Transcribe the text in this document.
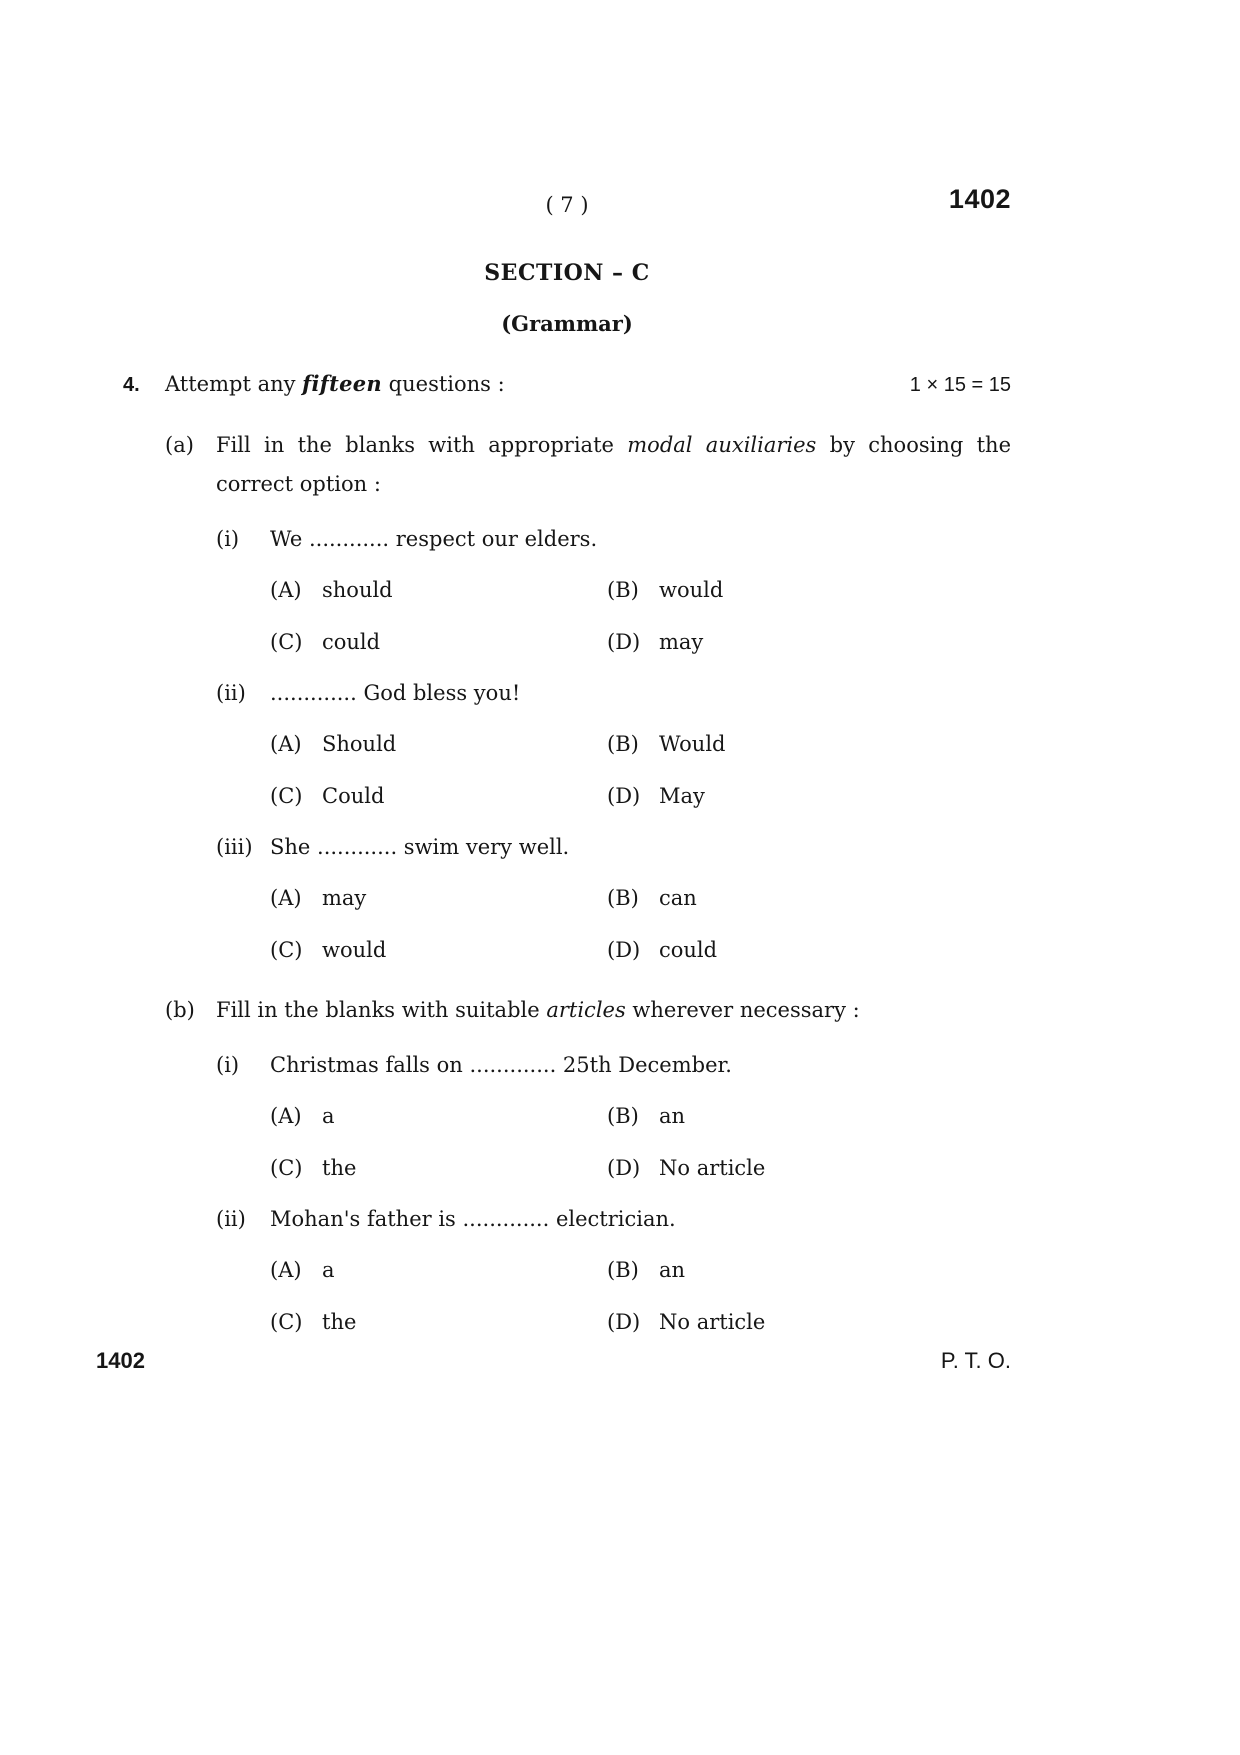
( 7 )	1402
SECTION – C
(Grammar)
4.	Attempt any fifteen questions :	1 × 15 = 15
(a)	Fill in the blanks with appropriate modal auxiliaries by choosing the correct option :
(i)	We ............ respect our elders.
(A) should	(B) would
(C) could	(D) may
(ii)	............. God bless you!
(A) Should	(B) Would
(C) Could	(D) May
(iii) She ............ swim very well.
(A) may	(B) can
(C) would	(D) could
(b)	Fill in the blanks with suitable articles wherever necessary :
(i)	Christmas falls on ............. 25th December.
(A) a	(B) an
(C) the	(D) No article
(ii)	Mohan's father is ............. electrician.
(A) a	(B) an
(C) the	(D) No article
1402	P. T. O.
